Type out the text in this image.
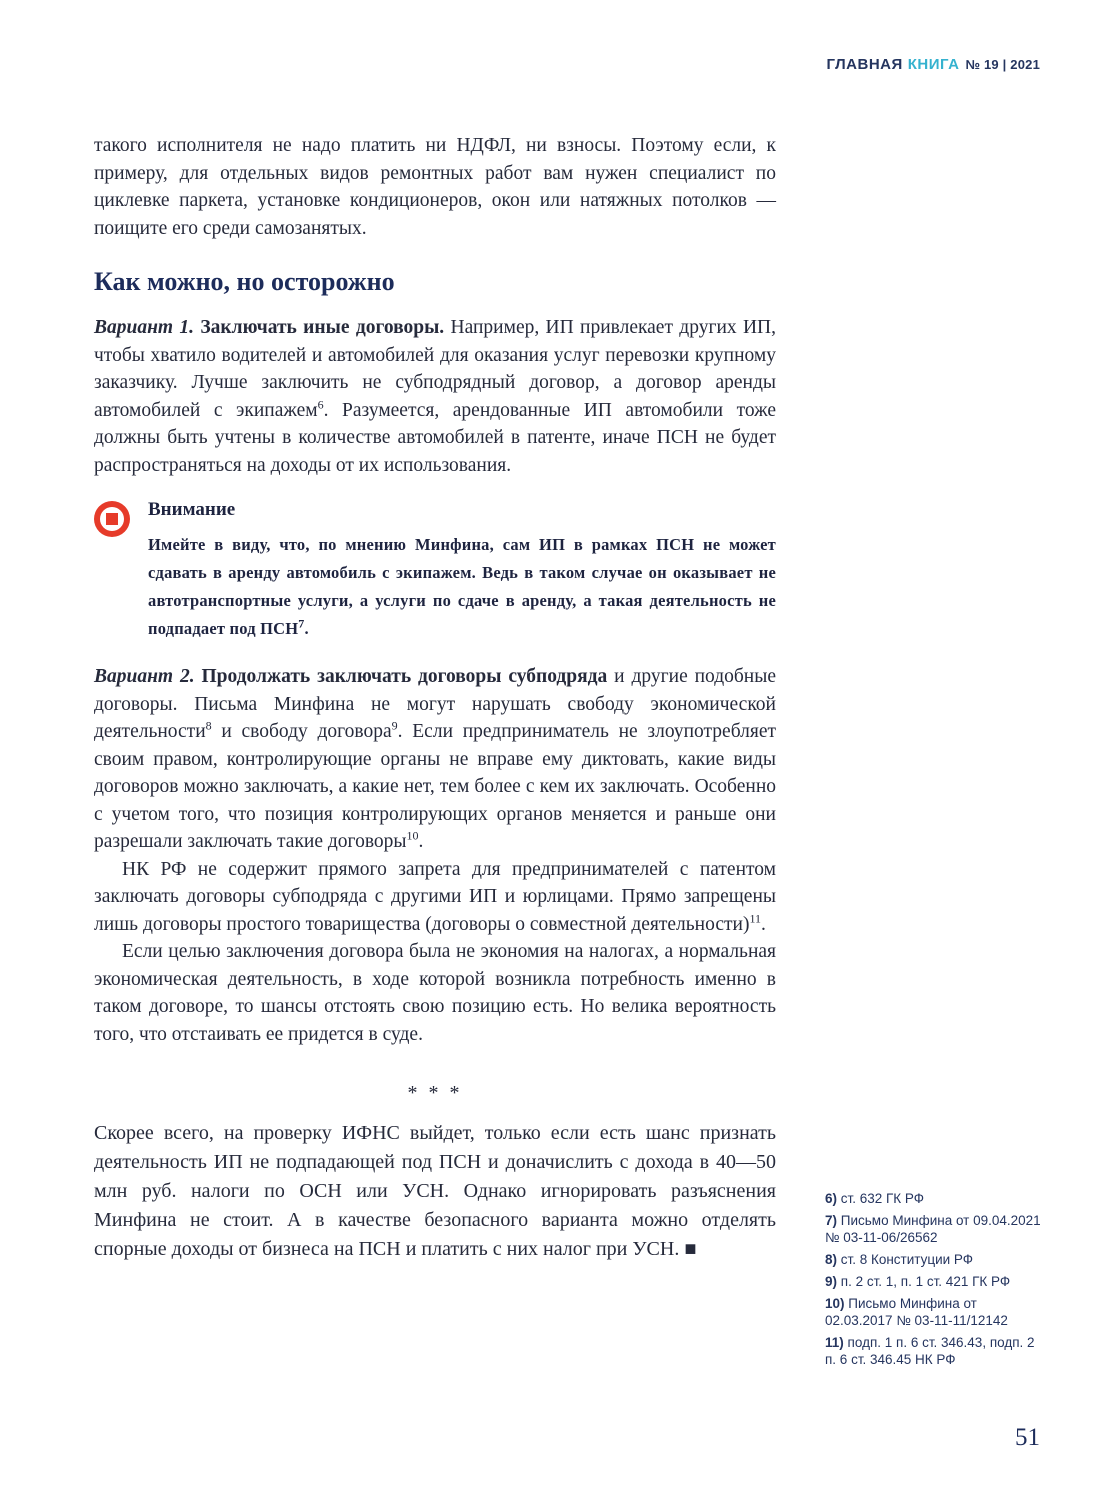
ГЛАВНАЯ КНИГА № 19 | 2021

такого исполнителя не надо платить ни НДФЛ, ни взносы. Поэтому если, к примеру, для отдельных видов ремонтных работ вам нужен специалист по циклевке паркета, установке кондиционеров, окон или натяжных потолков — поищите его среди самозанятых.

Как можно, но осторожно

Вариант 1. Заключать иные договоры. Например, ИП привлекает других ИП, чтобы хватило водителей и автомобилей для оказания услуг перевозки крупному заказчику. Лучше заключить не субподрядный договор, а договор аренды автомобилей с экипажем$^6$. Разумеется, арендованные ИП автомобили тоже должны быть учтены в количестве автомобилей в патенте, иначе ПСН не будет распространяться на доходы от их использования.

Внимание

Имейте в виду, что, по мнению Минфина, сам ИП в рамках ПСН не может сдавать в аренду автомобиль с экипажем. Ведь в таком случае он оказывает не автотранспортные услуги, а услуги по сдаче в аренду, а такая деятельность не подпадает под ПСН$^7$.

Вариант 2. Продолжать заключать договоры субподряда и другие подобные договоры. Письма Минфина не могут нарушать свободу экономической деятельности$^8$ и свободу договора$^9$. Если предприниматель не злоупотребляет своим правом, контролирующие органы не вправе ему диктовать, какие виды договоров можно заключать, а какие нет, тем более с кем их заключать. Особенно с учетом того, что позиция контролирующих органов меняется и раньше они разрешали заключать такие договоры$^{10}$.

НК РФ не содержит прямого запрета для предпринимателей с патентом заключать договоры субподряда с другими ИП и юрлицами. Прямо запрещены лишь договоры простого товарищества (договоры о совместной деятельности)$^{11}$.

Если целью заключения договора была не экономия на налогах, а нормальная экономическая деятельность, в ходе которой возникла потребность именно в таком договоре, то шансы отстоять свою позицию есть. Но велика вероятность того, что отстаивать ее придется в суде.

* * *

Скорее всего, на проверку ИФНС выйдет, только если есть шанс признать деятельность ИП не подпадающей под ПСН и доначислить с дохода в 40—50 млн руб. налоги по ОСН или УСН. Однако игнорировать разъяснения Минфина не стоит. А в качестве безопасного варианта можно отделять спорные доходы от бизнеса на ПСН и платить с них налог при УСН. ■

6) ст. 632 ГК РФ
7) Письмо Минфина от 09.04.2021 № 03-11-06/26562
8) ст. 8 Конституции РФ
9) п. 2 ст. 1, п. 1 ст. 421 ГК РФ
10) Письмо Минфина от 02.03.2017 № 03-11-11/12142
11) подп. 1 п. 6 ст. 346.43, подп. 2 п. 6 ст. 346.45 НК РФ
51
